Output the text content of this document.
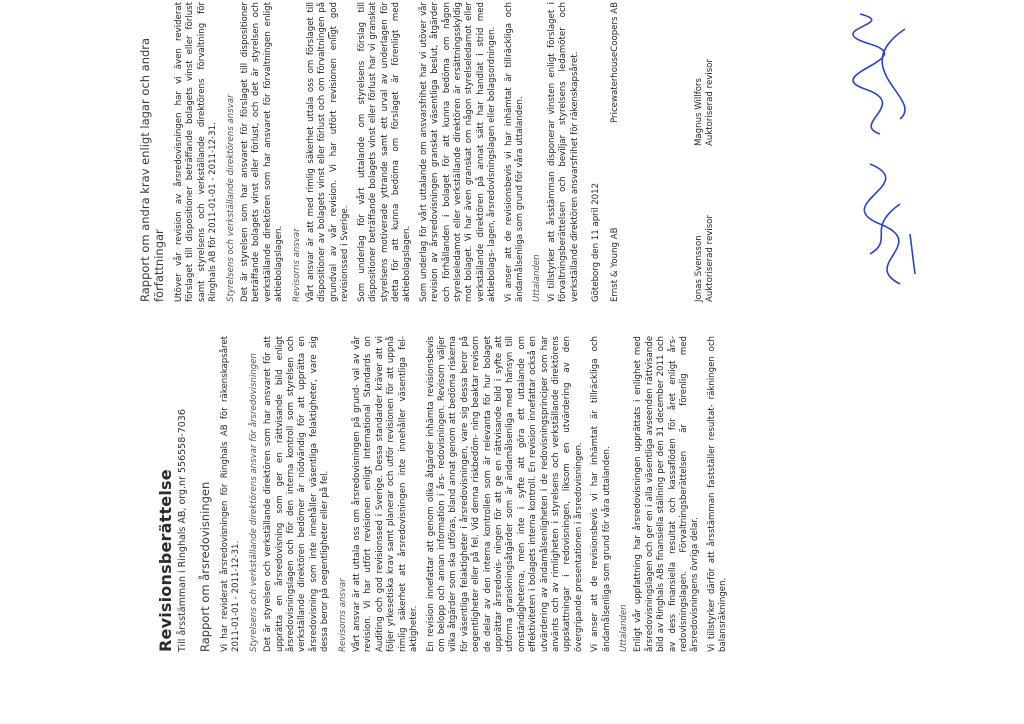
Revisionsberättelse Till årsstämman i Ringhals AB, org.nr 556558-7036 Rapport om årsredovisningen Vi har reviderat årsredovisningen för Ringhals AB för räkenskapsåret 2011-01-01 - 2011-12-31. Styrelsens och verkställande direktörens ansvar för årsredovisningen Det är styrelsen och verkställande direktören som har ansvaret för att upprätta en årsredovisning som ger en rättvisande bild enligt årsredovisningslagen och för den interna kontroll som styrelsen och verkställande direktören bedömer är nödvändig för att upprätta en årsredovisning som inte innehåller väsentliga felaktigheter, vare sig dessa beror på oegentligheter eller på fel. Revisorns ansvar Vårt ansvar är att uttala oss om årsredovisningen på grund- val av vår revision. Vi har utfört revisionen enligt International Standards on Auditing och god revisionssed i Sverige. Dessa standarder kräver att vi följer yrkesetiska krav samt planerar och utför revisionen för att uppnå rimlig säkerhet att årsredovisningen inte innehåller väsentliga fel- aktigheter. En revision innefattar att genom olika åtgärder inhämta revisionsbevis om belopp och annan information i års- redovisningen. Revisorn väljer vilka åtgärder som ska utföras, bland annat genom att bedöma riskerna för väsentliga felaktigheter i årsredovisningen, vare sig dessa beror på oegentligheter eller på fel. Vid denna riskbedöm- ning beaktar revisorn de delar av den interna kontrollen som är relevanta för hur bolaget upprättar årsredovis- ningen för att ge en rättvisande bild i syfte att utforma granskningsåtgärder som är ändamålsenliga med hänsyn till omständigheterna, men inte i syfte att göra ett uttalande om effektiviteten i bolagets interna kontroll. En revision innefattar också en utvärdering av ändamålsenligheten i de redovisningsprinciper som har använts och av rimligheten i styrelsens och verkställande direktörens uppskattningar i redovisningen, liksom en utvärdering av den övergripande presentationen i årsredovisningen. Vi anser att de revisionsbevis vi har inhämtat är tillräckliga och ändamålsenliga som grund för våra uttalanden. Uttalanden Enligt vår uppfattning har årsredovisningen upprättats i enlighet med årsredovisningslagen och ger en i alla väsentliga avseenden rättvisande bild av Ringhals ABs finansiella ställning per den 31 december 2011 och av dess finansiella resultat och kassaflöden för året enligt års- redovisningslagen. Förvaltningsberättelsen är förenlig med årsredovisningens övriga delar. Vi tillstyrker därför att årsstämman fastställer resultat- räkningen och balansräkningen.

Rapport om andra krav enligt lagar och andra författningar Utöver vår revision av årsredovisningen har vi även reviderat förslaget till dispositioner beträffande bolagets vinst eller förlust samt styrelsens och verkställande direktörens förvaltning för Ringhals AB för 2011-01-01 - 2011-12-31. Styrelsens och verkställande direktörens ansvar Det är styrelsen som har ansvaret för förslaget till dispositioner beträffande bolagets vinst eller förlust, och det är styrelsen och verkställande direktören som har ansvaret för förvaltningen enligt aktiebolagslagen. Revisorns ansvar Vårt ansvar är att med rimlig säkerhet uttala oss om förslaget till dispositioner av bolagets vinst eller förlust och om förvaltningen på grundval av vår revision. Vi har utfört revisionen enligt god revisionssed i Sverige. Som underlag för vårt uttalande om styrelsens förslag till dispositioner beträffande bolagets vinst eller förlust har vi granskat styrelsens motiverade yttrande samt ett urval av underlagen för detta för att kunna bedöma om förslaget är förenligt med aktiebolagslagen. Som underlag för vårt uttalande om ansvarsfrihet har vi utöver vår revision av årsredovisningen granskat väsentliga beslut, åtgärder och förhållanden i bolaget för att kunna bedöma om någon styrelseledamot eller verkställande direktören är ersättningsskyldig mot bolaget. Vi har även granskat om någon styrelseledamot eller verkställande direktören på annat sätt har handlat i strid med aktiebolags- lagen, årsredovisningslagen eller bolagsordningen. Vi anser att de revisionsbevis vi har inhämtat är tillräckliga och ändamålsenliga som grund för våra uttalanden. Uttalanden Vi tillstyrker att årsstämman disponerar vinsten enligt förslaget i förvaltningsberättelsen och beviljar styrelsens ledamöter och verkställande direktören ansvarsfrihet för räkenskapsåret. Göteborg den 11 april 2012 Ernst & Young AB
PricewaterhouseCoopers AB
Jonas Svensson Auktoriserad revisor
Magnus Willfors Auktoriserad revisor
